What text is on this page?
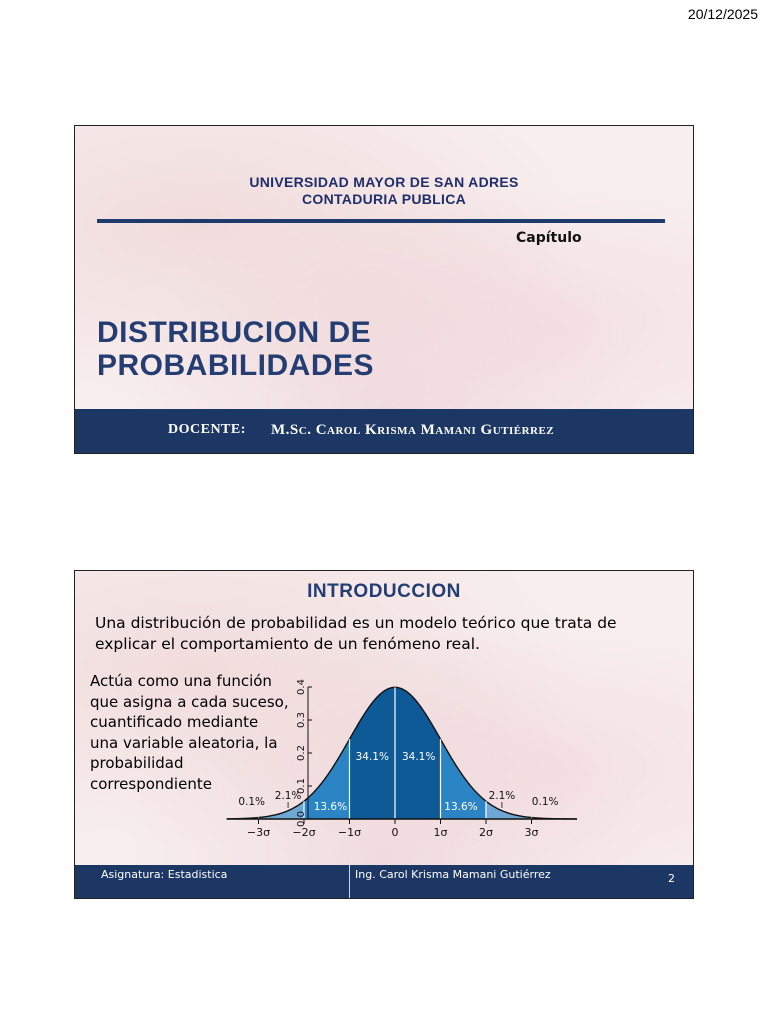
20/12/2025
UNIVERSIDAD MAYOR DE SAN ADRES
CONTADURIA PUBLICA
Capítulo
DISTRIBUCION DE
PROBABILIDADES
DOCENTE: M.Sc. Carol Krisma Mamani Gutiérrez
INTRODUCCION
Una distribución de probabilidad es un modelo teórico que trata de explicar el comportamiento de un fenómeno real.
Actúa como una función que asigna a cada suceso, cuantificado mediante una variable aleatoria, la probabilidad correspondiente
0.0
0.1
0.2
0.3
0.4
−3σ −2σ −1σ	0	1σ	2σ	3σ
34.1% 34.1%
13.6%	13.6%
2.1%	2.1%
0.1%	0.1%
Asignatura: Estadistica	Ing. Carol Krisma Mamani Gutiérrez	2
